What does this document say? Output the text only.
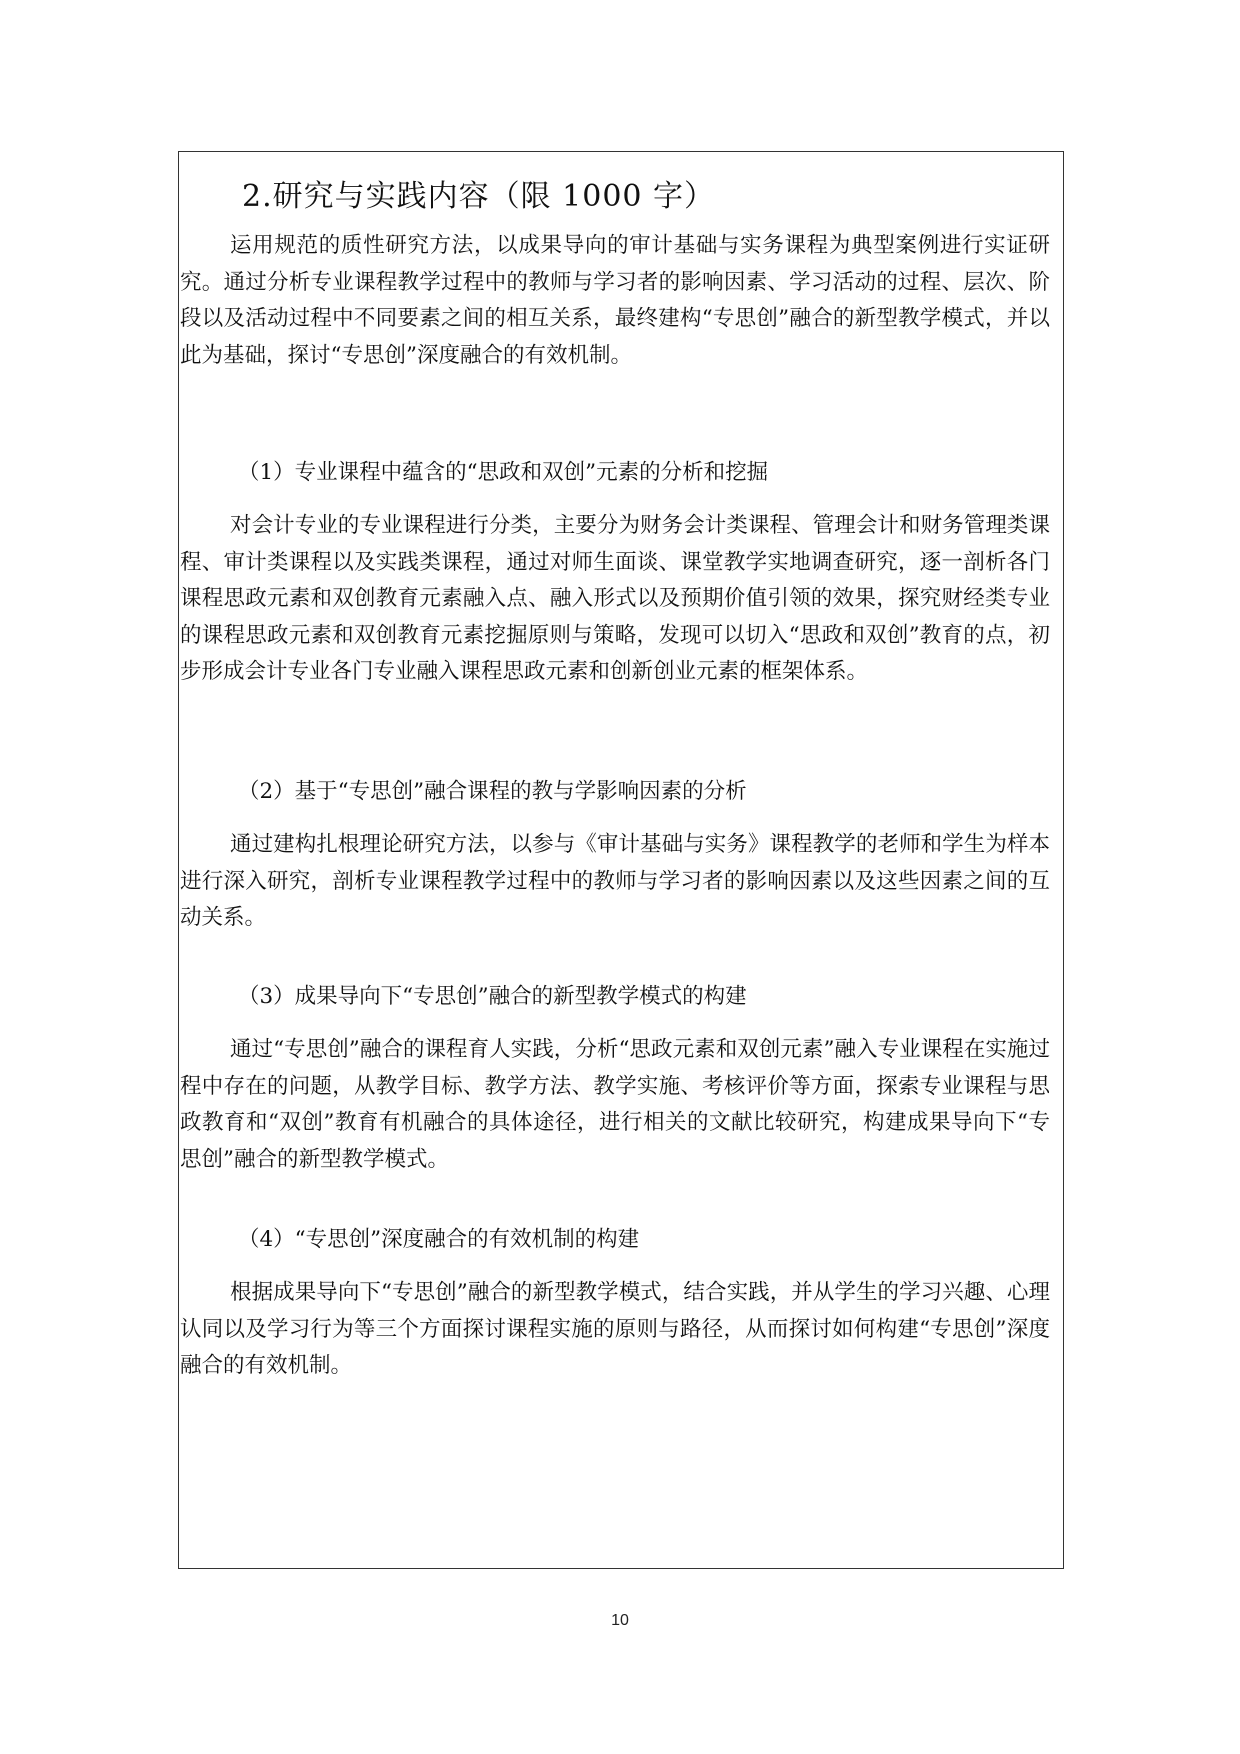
2.研究与实践内容（限 1000 字）

运用规范的质性研究方法，以成果导向的审计基础与实务课程为典型案例进行实证研究。通过分析专业课程教学过程中的教师与学习者的影响因素、学习活动的过程、层次、阶段以及活动过程中不同要素之间的相互关系，最终建构“专思创”融合的新型教学模式，并以此为基础，探讨“专思创”深度融合的有效机制。

（1）专业课程中蕴含的“思政和双创”元素的分析和挖掘

对会计专业的专业课程进行分类，主要分为财务会计类课程、管理会计和财务管理类课程、审计类课程以及实践类课程，通过对师生面谈、课堂教学实地调查研究，逐一剖析各门课程思政元素和双创教育元素融入点、融入形式以及预期价值引领的效果，探究财经类专业的课程思政元素和双创教育元素挖掘原则与策略，发现可以切入“思政和双创”教育的点，初步形成会计专业各门专业融入课程思政元素和创新创业元素的框架体系。

（2）基于“专思创”融合课程的教与学影响因素的分析

通过建构扎根理论研究方法，以参与《审计基础与实务》课程教学的老师和学生为样本进行深入研究，剖析专业课程教学过程中的教师与学习者的影响因素以及这些因素之间的互动关系。

（3）成果导向下“专思创”融合的新型教学模式的构建

通过“专思创”融合的课程育人实践，分析“思政元素和双创元素”融入专业课程在实施过程中存在的问题，从教学目标、教学方法、教学实施、考核评价等方面，探索专业课程与思政教育和“双创”教育有机融合的具体途径，进行相关的文献比较研究，构建成果导向下“专思创”融合的新型教学模式。

（4）“专思创”深度融合的有效机制的构建

根据成果导向下“专思创”融合的新型教学模式，结合实践，并从学生的学习兴趣、心理认同以及学习行为等三个方面探讨课程实施的原则与路径，从而探讨如何构建“专思创”深度融合的有效机制。

10
